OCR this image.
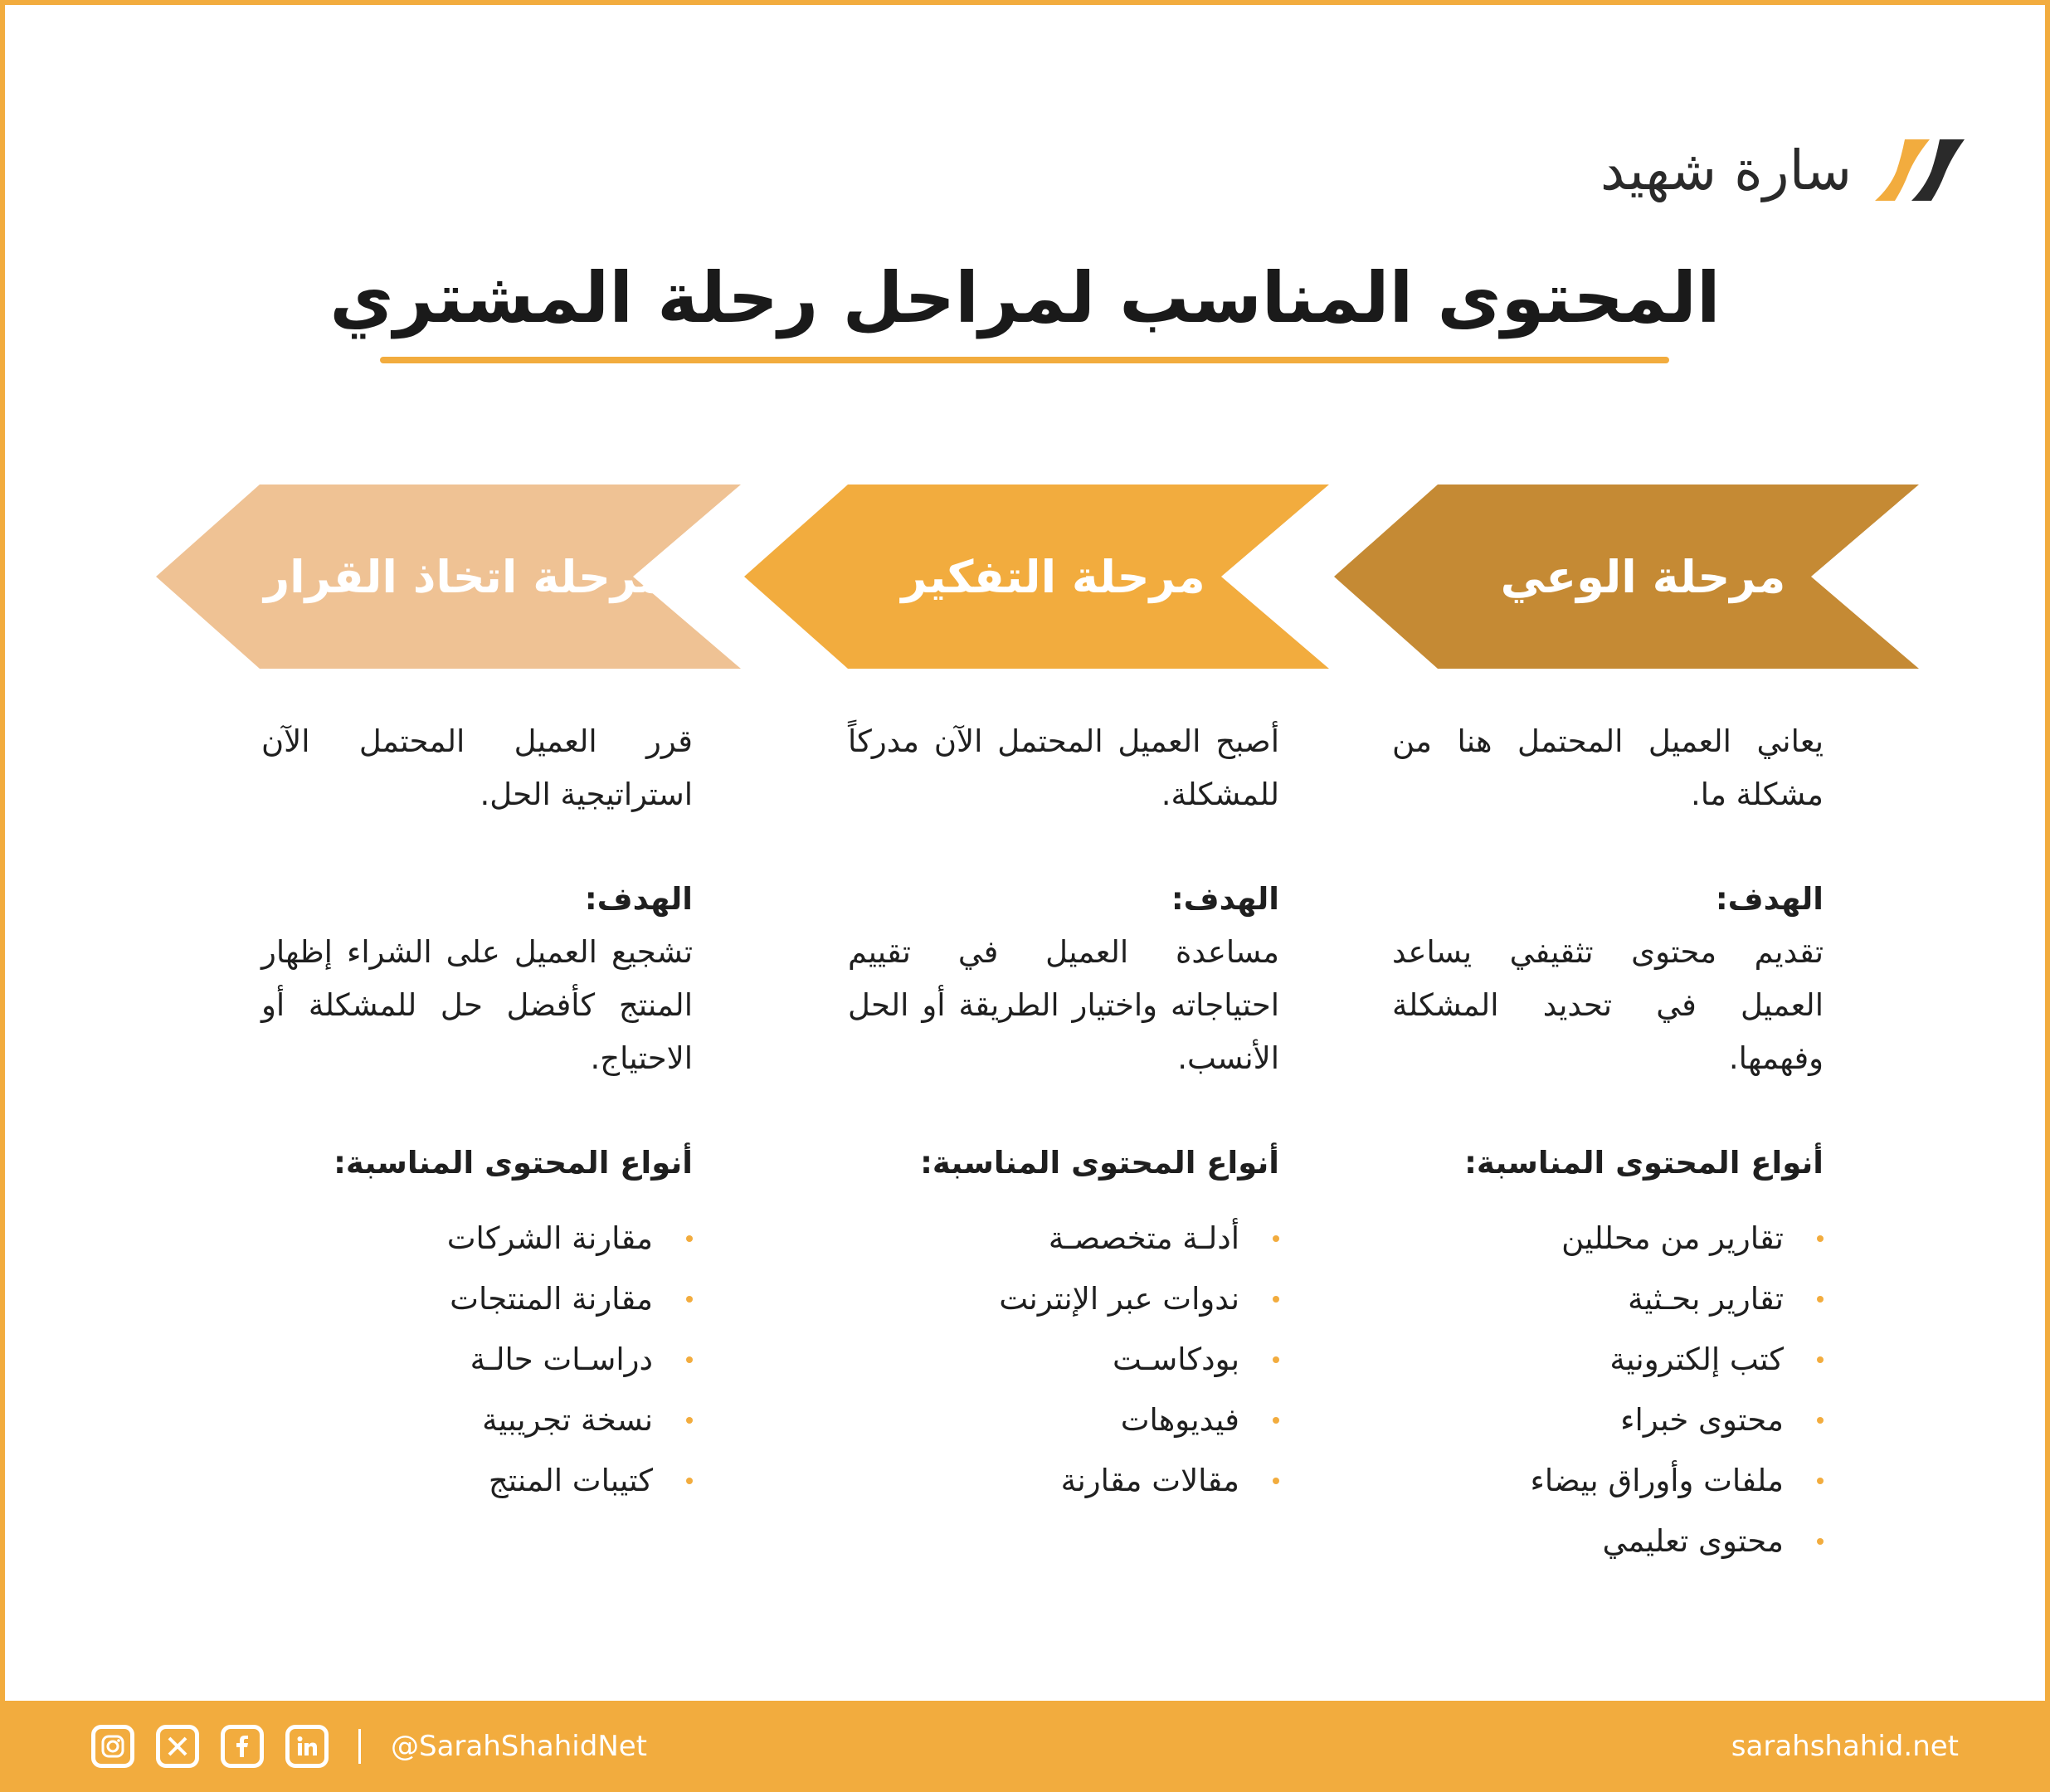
سارة شهيد
المحتوى المناسب لمراحل رحلة المشتري
مرحلة الوعي
مرحلة التفكير
مرحلة اتخاذ القرار
يعاني العميل المحتمل هنا من مشكلة ما.
الهدف:
تقديم محتوى تثقيفي يساعد العميل في تحديد المشكلة وفهمها.
أنواع المحتوى المناسبة:
تقارير من محللين
تقارير بحـثية
كتب إلكترونية
محتوى خبراء
ملفات وأوراق بيضاء
محتوى تعليمي
أصبح العميل المحتمل الآن مدركاً للمشكلة.
الهدف:
مساعدة العميل في تقييم احتياجاته واختيار الطريقة أو الحل الأنسب.
أنواع المحتوى المناسبة:
أدلـة متخصصـة
ندوات عبر الإنترنت
بودكاسـت
فيديوهات
مقالات مقارنة
قرر العميل المحتمل الآن استراتيجية الحل.
الهدف:
تشجيع العميل على الشراء إظهار المنتج كأفضل حل للمشكلة أو الاحتياج.
أنواع المحتوى المناسبة:
مقارنة الشركات
مقارنة المنتجات
دراسـات حالـة
نسخة تجريبية
كتيبات المنتج
@SarahShahidNet	sarahshahid.net
